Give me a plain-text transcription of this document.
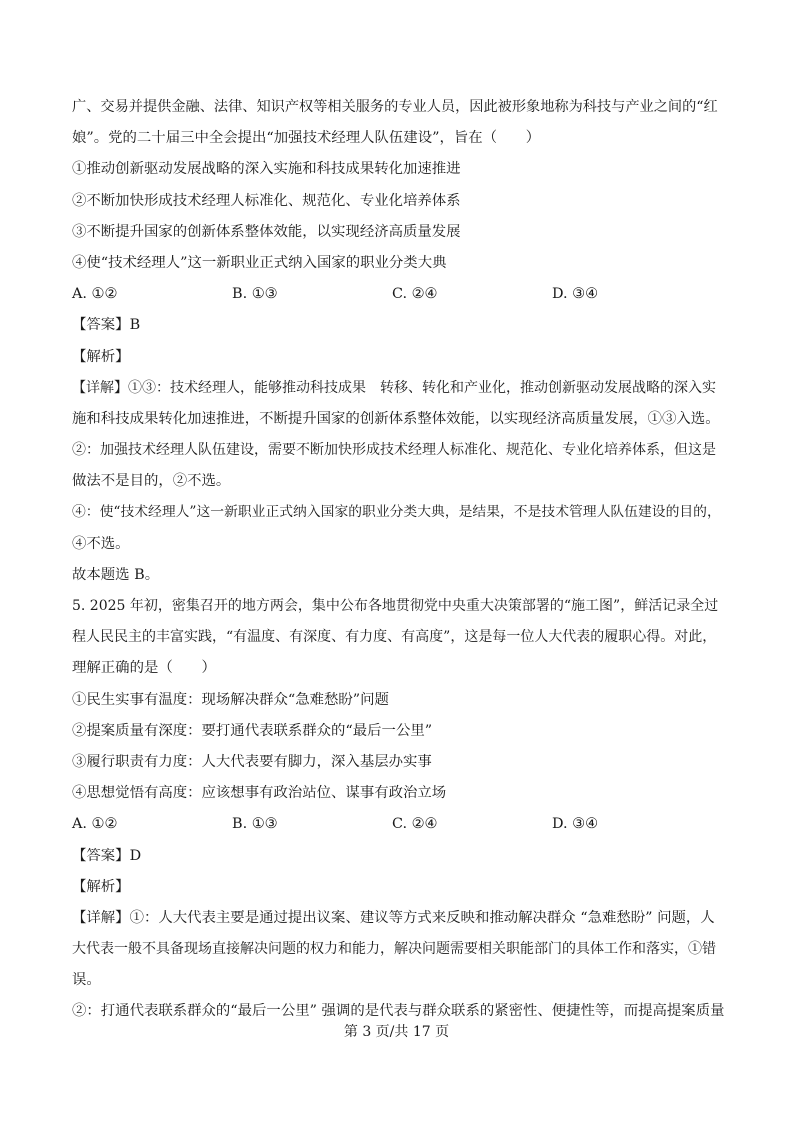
广、交易并提供金融、法律、知识产权等相关服务的专业人员，因此被形象地称为科技与产业之间的“红
娘”。党的二十届三中全会提出“加强技术经理人队伍建设”，旨在（　　）
①推动创新驱动发展战略的深入实施和科技成果转化加速推进
②不断加快形成技术经理人标准化、规范化、专业化培养体系
③不断提升国家的创新体系整体效能，以实现经济高质量发展
④使“技术经理人”这一新职业正式纳入国家的职业分类大典
A. ①②	B. ①③	C. ②④	D. ③④
【答案】B
【解析】
【详解】①③：技术经理人，能够推动科技成果　转移、转化和产业化，推动创新驱动发展战略的深入实
施和科技成果转化加速推进，不断提升国家的创新体系整体效能，以实现经济高质量发展，①③入选。
②：加强技术经理人队伍建设，需要不断加快形成技术经理人标准化、规范化、专业化培养体系，但这是
做法不是目的，②不选。
④：使“技术经理人”这一新职业正式纳入国家的职业分类大典，是结果，不是技术管理人队伍建设的目的，
④不选。
故本题选 B。
5. 2025 年初，密集召开的地方两会，集中公布各地贯彻党中央重大决策部署的“施工图”，鲜活记录全过
程人民民主的丰富实践，“有温度、有深度、有力度、有高度”，这是每一位人大代表的履职心得。对此，
理解正确的是（　　）
①民生实事有温度：现场解决群众“急难愁盼”问题
②提案质量有深度：要打通代表联系群众的“最后一公里”
③履行职责有力度：人大代表要有脚力，深入基层办实事
④思想觉悟有高度：应该想事有政治站位、谋事有政治立场
A. ①②	B. ①③	C. ②④	D. ③④
【答案】D
【解析】
【详解】①：人大代表主要是通过提出议案、建议等方式来反映和推动解决群众 “急难愁盼” 问题，人
大代表一般不具备现场直接解决问题的权力和能力，解决问题需要相关职能部门的具体工作和落实，①错
误。
②：打通代表联系群众的“最后一公里” 强调的是代表与群众联系的紧密性、便捷性等，而提高提案质量
第 3 页/共 17 页
